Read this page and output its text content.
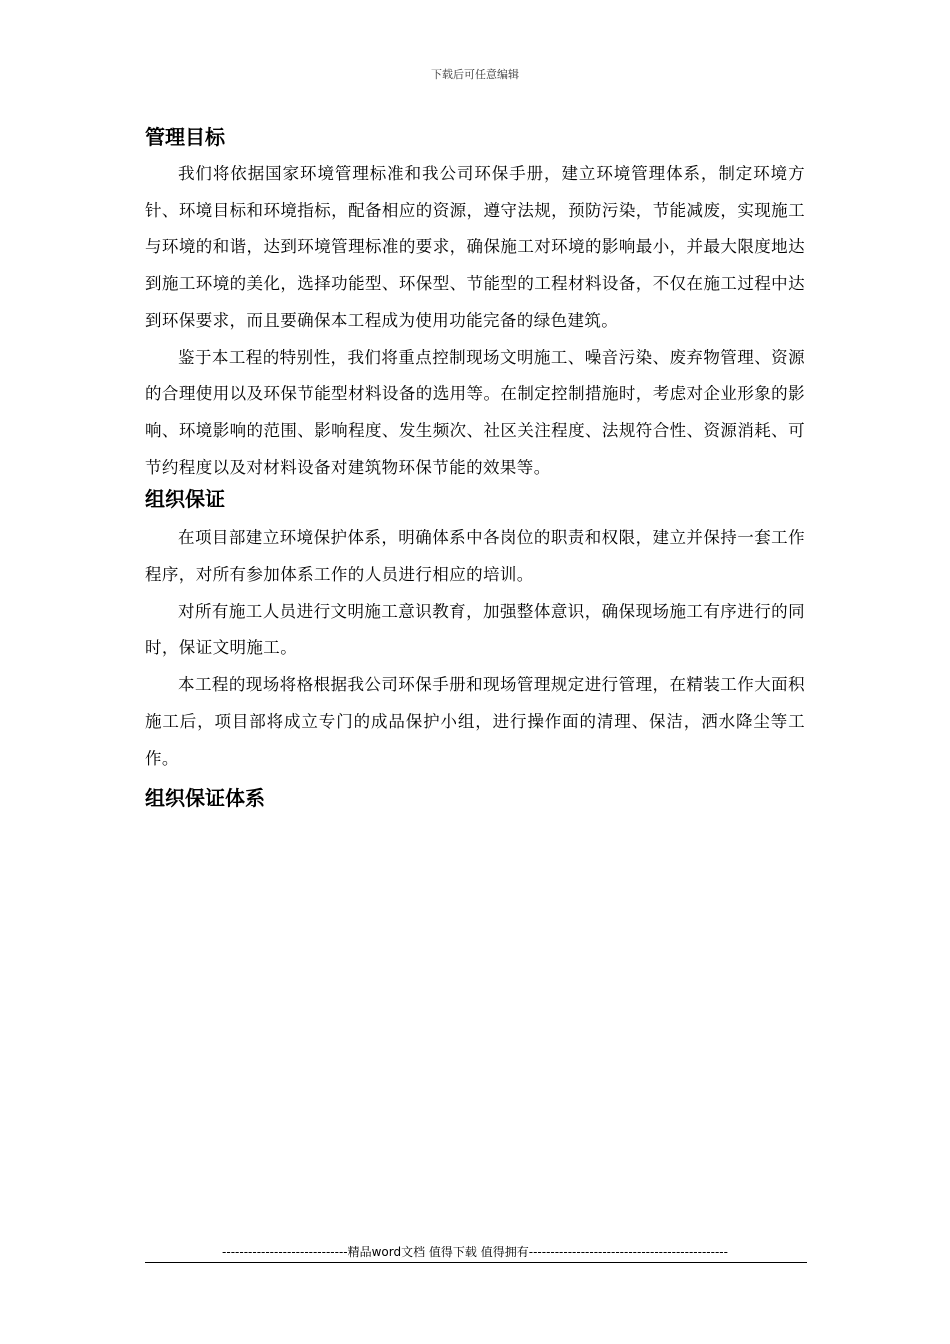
下载后可任意编辑
管理目标

我们将依据国家环境管理标准和我公司环保手册，建立环境管理体系，制定环境方针、环境目标和环境指标，配备相应的资源，遵守法规，预防污染，节能减废，实现施工与环境的和谐，达到环境管理标准的要求，确保施工对环境的影响最小，并最大限度地达到施工环境的美化，选择功能型、环保型、节能型的工程材料设备，不仅在施工过程中达到环保要求，而且要确保本工程成为使用功能完备的绿色建筑。

鉴于本工程的特别性，我们将重点控制现场文明施工、噪音污染、废弃物管理、资源的合理使用以及环保节能型材料设备的选用等。在制定控制措施时，考虑对企业形象的影响、环境影响的范围、影响程度、发生频次、社区关注程度、法规符合性、资源消耗、可节约程度以及对材料设备对建筑物环保节能的效果等。

组织保证

在项目部建立环境保护体系，明确体系中各岗位的职责和权限，建立并保持一套工作程序，对所有参加体系工作的人员进行相应的培训。

对所有施工人员进行文明施工意识教育，加强整体意识，确保现场施工有序进行的同时，保证文明施工。

本工程的现场将格根据我公司环保手册和现场管理规定进行管理，在精装工作大面积施工后，项目部将成立专门的成品保护小组，进行操作面的清理、保洁，洒水降尘等工作。

组织保证体系
-----------------------------精品word文档 值得下载 值得拥有----------------------------------------------
